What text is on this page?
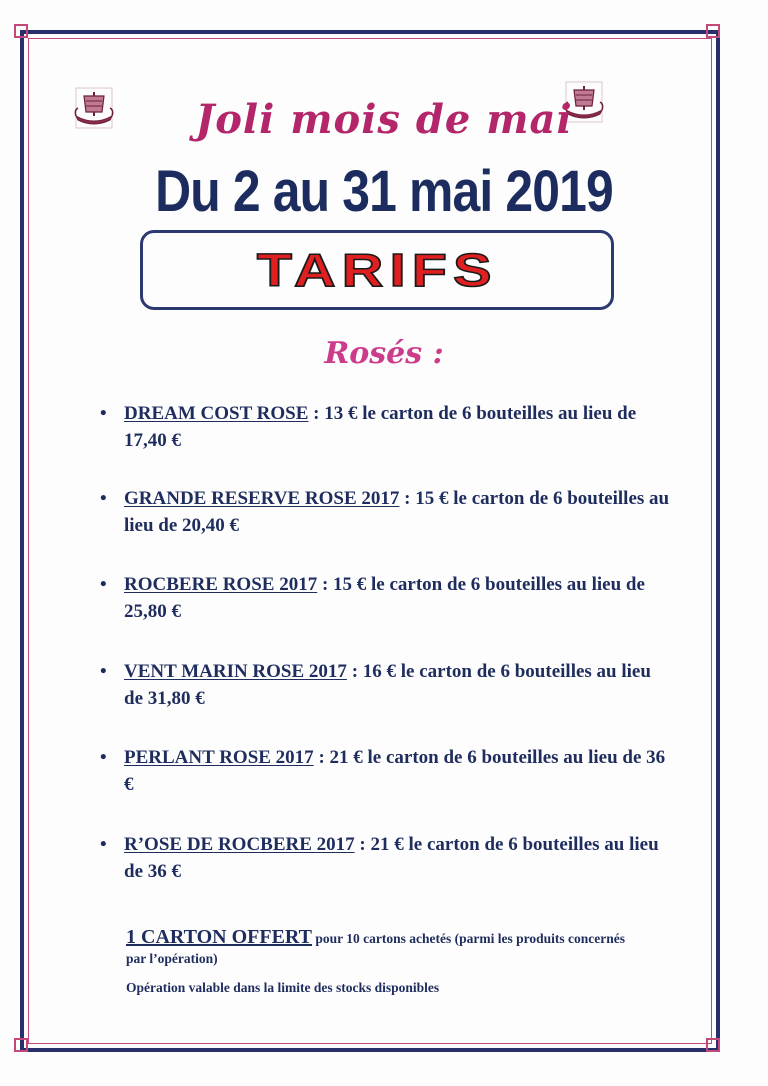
Joli mois de mai
Du 2 au 31 mai 2019
TARIFS
Rosés :
• DREAM COST ROSE : 13 € le carton de 6 bouteilles au lieu de 17,40 €
• GRANDE RESERVE ROSE 2017 : 15 € le carton de 6 bouteilles au lieu de 20,40 €
• ROCBERE ROSE 2017 : 15 € le carton de 6 bouteilles au lieu de 25,80 €
• VENT MARIN ROSE 2017 : 16 € le carton de 6 bouteilles au lieu de 31,80 €
• PERLANT ROSE 2017 : 21 € le carton de 6 bouteilles au lieu de 36 €
• R’OSE DE ROCBERE 2017 : 21 € le carton de 6 bouteilles au lieu de 36 €
1 CARTON OFFERT pour 10 cartons achetés (parmi les produits concernés par l’opération)
Opération valable dans la limite des stocks disponibles
